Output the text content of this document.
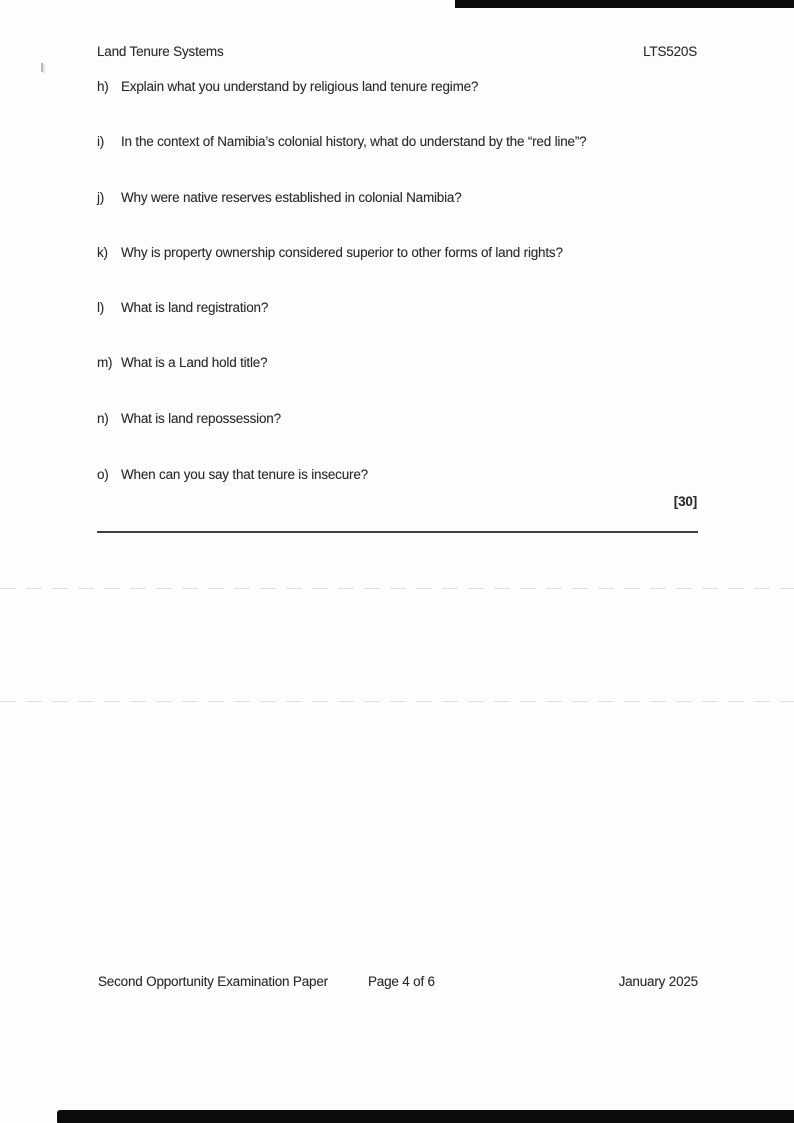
Land Tenure Systems	LTS520S
h) Explain what you understand by religious land tenure regime?
i)	In the context of Namibia’s colonial history, what do understand by the “red line”?
j)	Why were native reserves established in colonial Namibia?
k) Why is property ownership considered superior to other forms of land rights?
l)	What is land registration?
m) What is a Land hold title?
n) What is land repossession?
o) When can you say that tenure is insecure?
[30]
Second Opportunity Examination Paper	Page 4 of 6	January 2025
